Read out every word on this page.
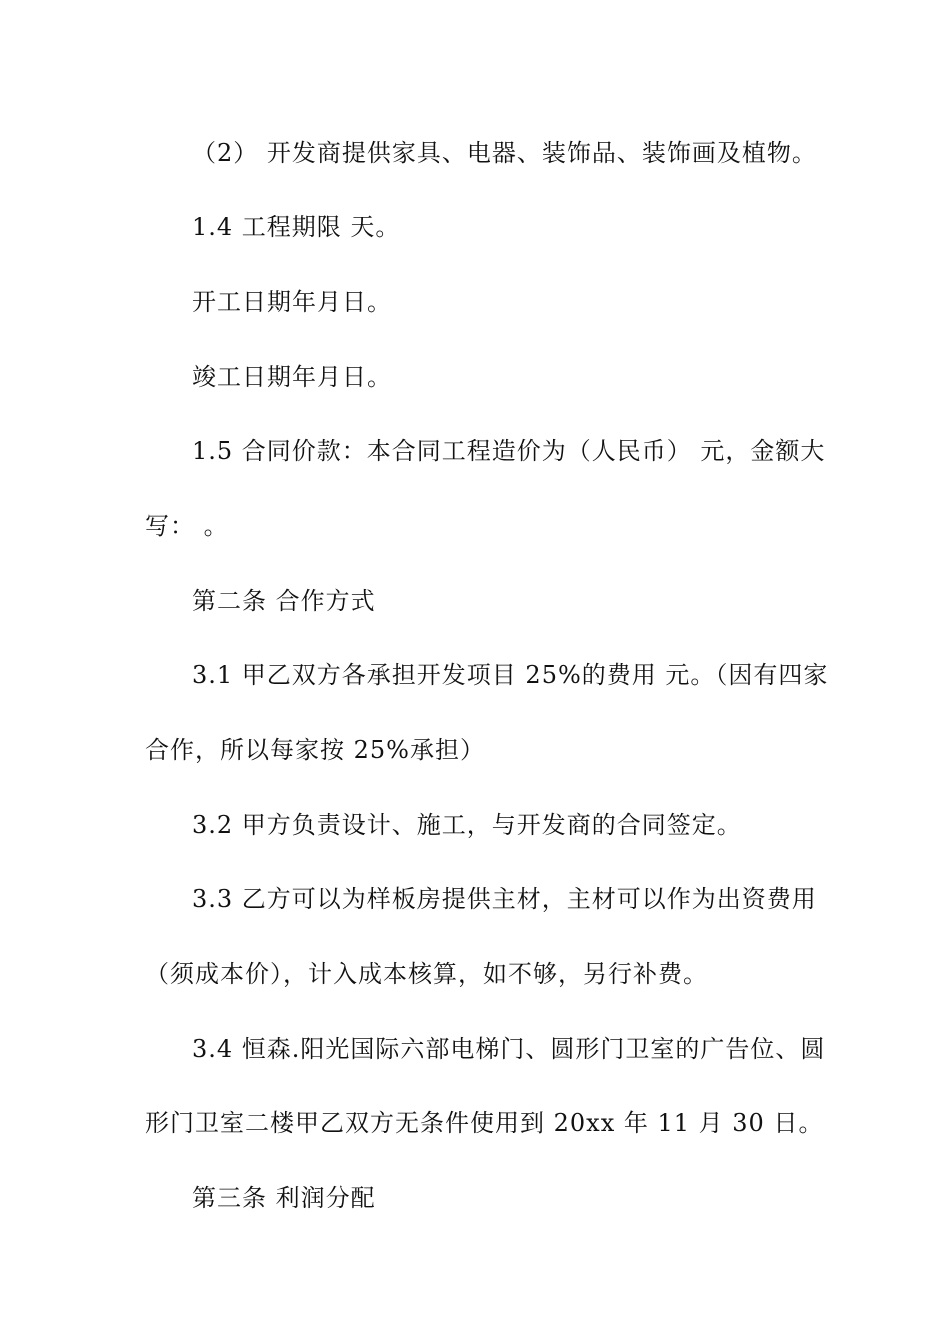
（2） 开发商提供家具、电器、装饰品、装饰画及植物。
1.4 工程期限 天。
开工日期年月日。
竣工日期年月日。
1.5 合同价款：本合同工程造价为（人民币） 元，金额大
写： 。
第二条 合作方式
3.1 甲乙双方各承担开发项目 25%的费用 元。（因有四家
合作，所以每家按 25%承担）
3.2 甲方负责设计、施工，与开发商的合同签定。
3.3 乙方可以为样板房提供主材，主材可以作为出资费用
（须成本价），计入成本核算，如不够，另行补费。
3.4 恒森.阳光国际六部电梯门、圆形门卫室的广告位、圆
形门卫室二楼甲乙双方无条件使用到 20xx 年 11 月 30 日。
第三条 利润分配
